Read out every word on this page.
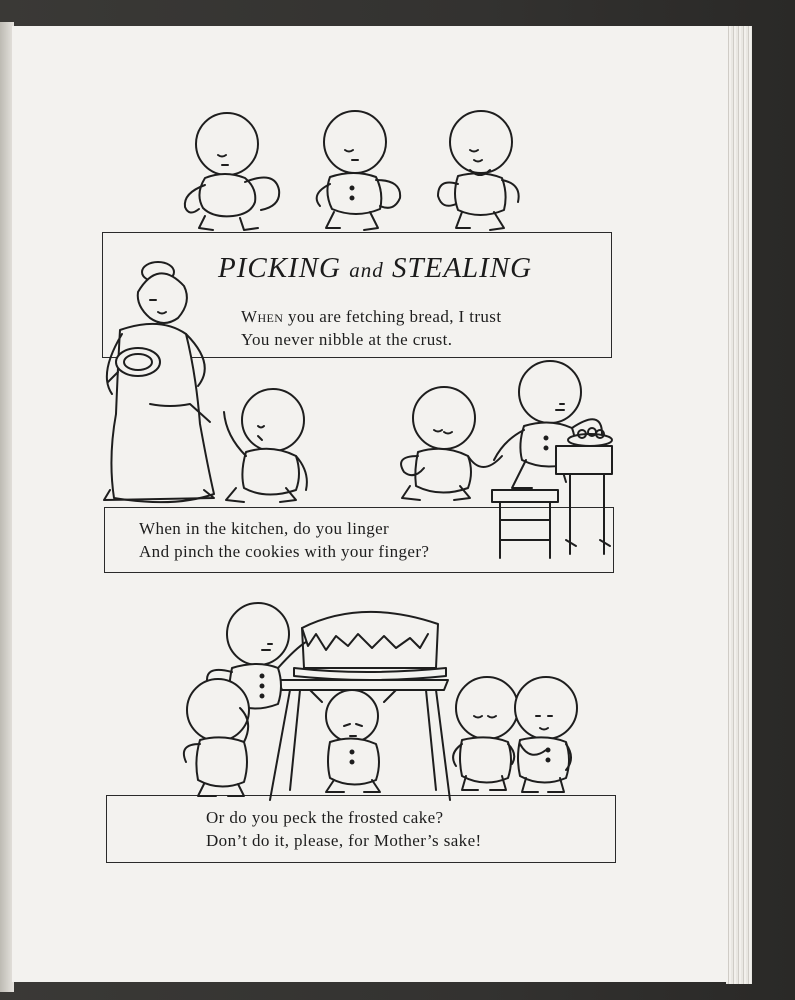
PICKING and STEALING
When you are fetching bread, I trust
You never nibble at the crust.
When in the kitchen, do you linger
And pinch the cookies with your finger?
Or do you peck the frosted cake?
Don’t do it, please, for Mother’s sake!
